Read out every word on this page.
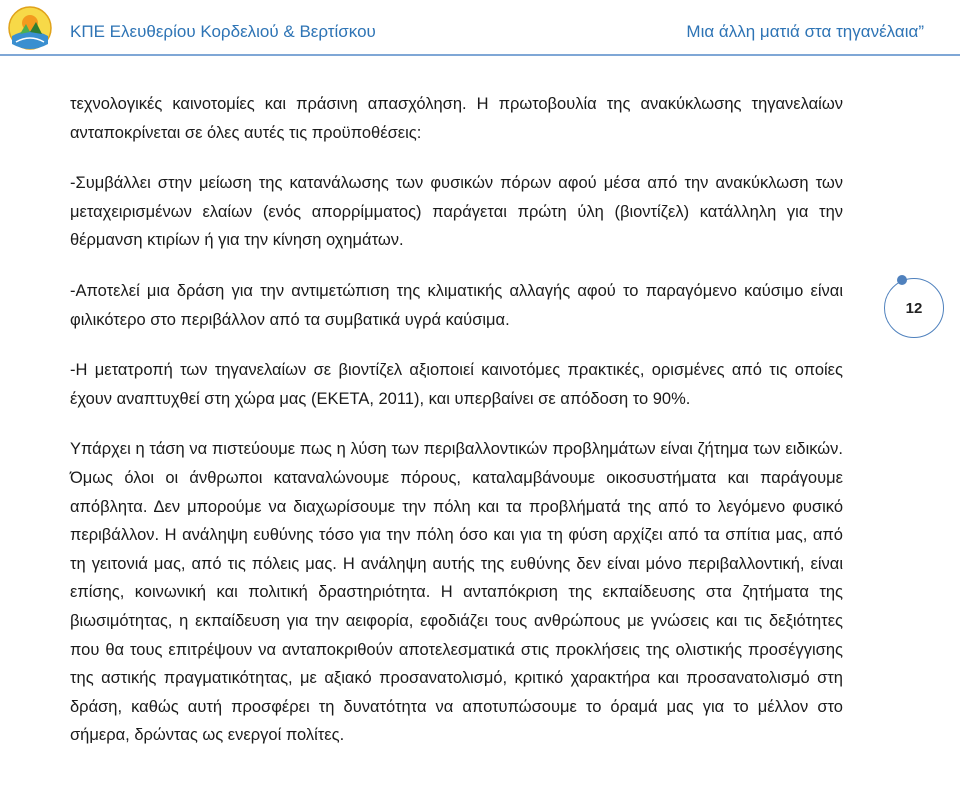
ΚΠΕ Ελευθερίου Κορδελιού & Βερτίσκου	Μια άλλη ματιά στα τηγανέλαια”

τεχνολογικές καινοτομίες και πράσινη απασχόληση. Η πρωτοβουλία της ανακύκλωσης τηγανελαίων ανταποκρίνεται σε όλες αυτές τις προϋποθέσεις:

-Συμβάλλει στην μείωση της κατανάλωσης των φυσικών πόρων αφού μέσα από την ανακύκλωση των μεταχειρισμένων ελαίων (ενός απορρίμματος) παράγεται πρώτη ύλη (βιοντίζελ) κατάλληλη για την θέρμανση κτιρίων ή για την κίνηση οχημάτων.

-Αποτελεί μια δράση για την αντιμετώπιση της κλιματικής αλλαγής αφού το παραγόμενο καύσιμο είναι φιλικότερο στο περιβάλλον από τα συμβατικά υγρά καύσιμα.

-Η μετατροπή των τηγανελαίων σε βιοντίζελ αξιοποιεί καινοτόμες πρακτικές, ορισμένες από τις οποίες έχουν αναπτυχθεί στη χώρα μας (ΕΚΕΤΑ, 2011), και υπερβαίνει σε απόδοση το 90%.

Υπάρχει η τάση να πιστεύουμε πως η λύση των περιβαλλοντικών προβλημάτων είναι ζήτημα των ειδικών. Όμως όλοι οι άνθρωποι καταναλώνουμε πόρους, καταλαμβάνουμε οικοσυστήματα και παράγουμε απόβλητα. Δεν μπορούμε να διαχωρίσουμε την πόλη και τα προβλήματά της από το λεγόμενο φυσικό περιβάλλον. Η ανάληψη ευθύνης τόσο για την πόλη όσο και για τη φύση αρχίζει από τα σπίτια μας, από τη γειτονιά μας, από τις πόλεις μας. Η ανάληψη αυτής της ευθύνης δεν είναι μόνο περιβαλλοντική, είναι επίσης, κοινωνική και πολιτική δραστηριότητα. Η ανταπόκριση της εκπαίδευσης στα ζητήματα της βιωσιμότητας, η εκπαίδευση για την αειφορία, εφοδιάζει τους ανθρώπους με γνώσεις και τις δεξιότητες που θα τους επιτρέψουν να ανταποκριθούν αποτελεσματικά στις προκλήσεις της ολιστικής προσέγγισης της αστικής πραγματικότητας, με αξιακό προσανατολισμό, κριτικό χαρακτήρα και προσανατολισμό στη δράση, καθώς αυτή προσφέρει τη δυνατότητα να αποτυπώσουμε το όραμά μας για το μέλλον στο σήμερα, δρώντας ως ενεργοί πολίτες.

12
